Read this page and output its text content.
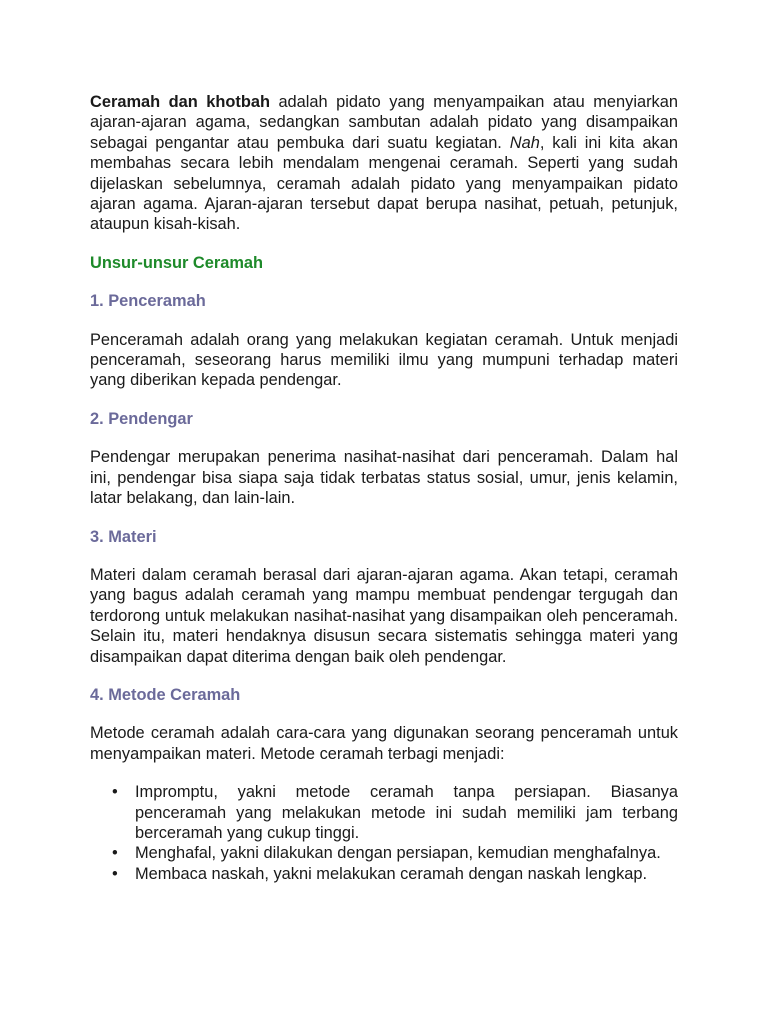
Ceramah dan khotbah adalah pidato yang menyampaikan atau menyiarkan ajaran-ajaran agama, sedangkan sambutan adalah pidato yang disampaikan sebagai pengantar atau pembuka dari suatu kegiatan. Nah, kali ini kita akan membahas secara lebih mendalam mengenai ceramah. Seperti yang sudah dijelaskan sebelumnya, ceramah adalah pidato yang menyampaikan pidato ajaran agama. Ajaran-ajaran tersebut dapat berupa nasihat, petuah, petunjuk, ataupun kisah-kisah.

Unsur-unsur Ceramah
1. Penceramah

Penceramah adalah orang yang melakukan kegiatan ceramah. Untuk menjadi penceramah, seseorang harus memiliki ilmu yang mumpuni terhadap materi yang diberikan kepada pendengar.

2. Pendengar

Pendengar merupakan penerima nasihat-nasihat dari penceramah. Dalam hal ini, pendengar bisa siapa saja tidak terbatas status sosial, umur, jenis kelamin, latar belakang, dan lain-lain.

3. Materi

Materi dalam ceramah berasal dari ajaran-ajaran agama. Akan tetapi, ceramah yang bagus adalah ceramah yang mampu membuat pendengar tergugah dan terdorong untuk melakukan nasihat-nasihat yang disampaikan oleh penceramah. Selain itu, materi hendaknya disusun secara sistematis sehingga materi yang disampaikan dapat diterima dengan baik oleh pendengar.

4. Metode Ceramah

Metode ceramah adalah cara-cara yang digunakan seorang penceramah untuk menyampaikan materi. Metode ceramah terbagi menjadi:

• Impromptu, yakni metode ceramah tanpa persiapan. Biasanya penceramah yang melakukan metode ini sudah memiliki jam terbang berceramah yang cukup tinggi.
• Menghafal, yakni dilakukan dengan persiapan, kemudian menghafalnya.
• Membaca naskah, yakni melakukan ceramah dengan naskah lengkap.
